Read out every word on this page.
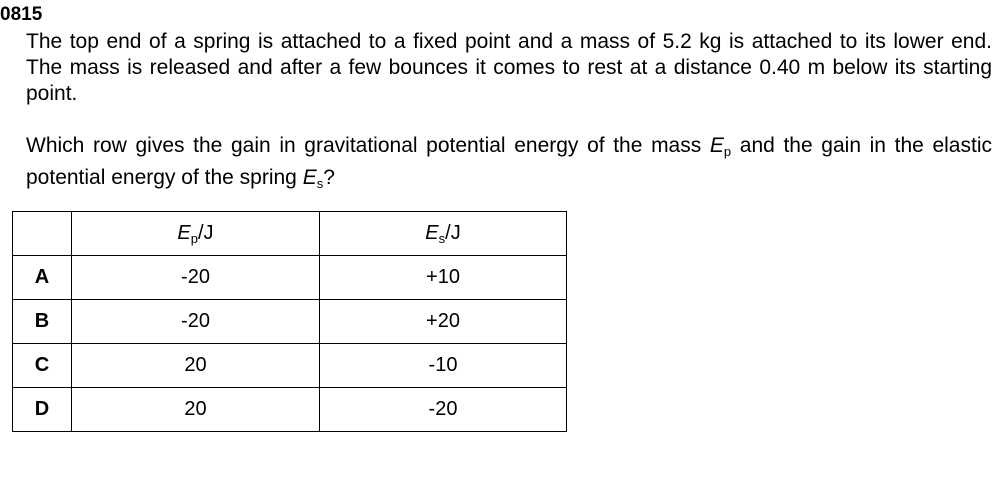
0815
The top end of a spring is attached to a fixed point and a mass of 5.2 kg is attached to its lower end. The mass is released and after a few bounces it comes to rest at a distance 0.40 m below its starting point.
Which row gives the gain in gravitational potential energy of the mass $E_p$ and the gain in the elastic potential energy of the spring $E_s$?
	$E_p/J$	$E_s/J$
A	-20	+10
B	-20	+20
C	20	-10
D	20	-20
